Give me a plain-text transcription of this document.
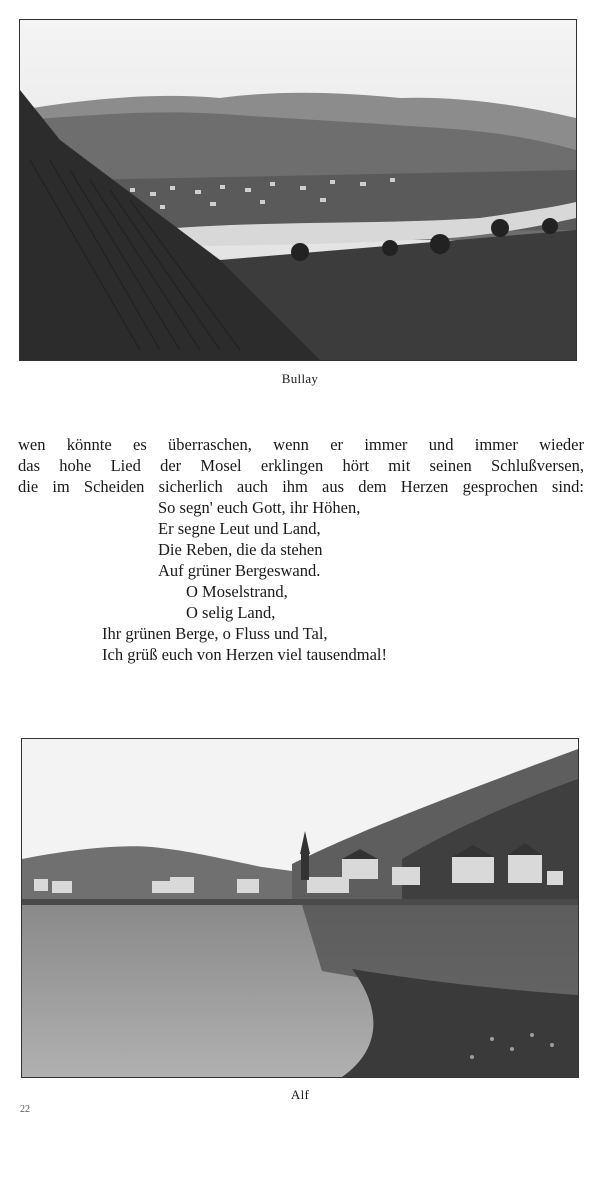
Bullay
wen könnte es überraschen, wenn er immer und immer wieder
das hohe Lied der Mosel erklingen hört mit seinen Schlußversen,
die im Scheiden sicherlich auch ihm aus dem Herzen gesprochen sind:
So segn' euch Gott, ihr Höhen,
Er segne Leut und Land,
Die Reben, die da stehen
Auf grüner Bergeswand.
O Moselstrand,
O selig Land,
Ihr grünen Berge, o Fluss und Tal,
Ich grüß euch von Herzen viel tausendmal!
Alf
22
